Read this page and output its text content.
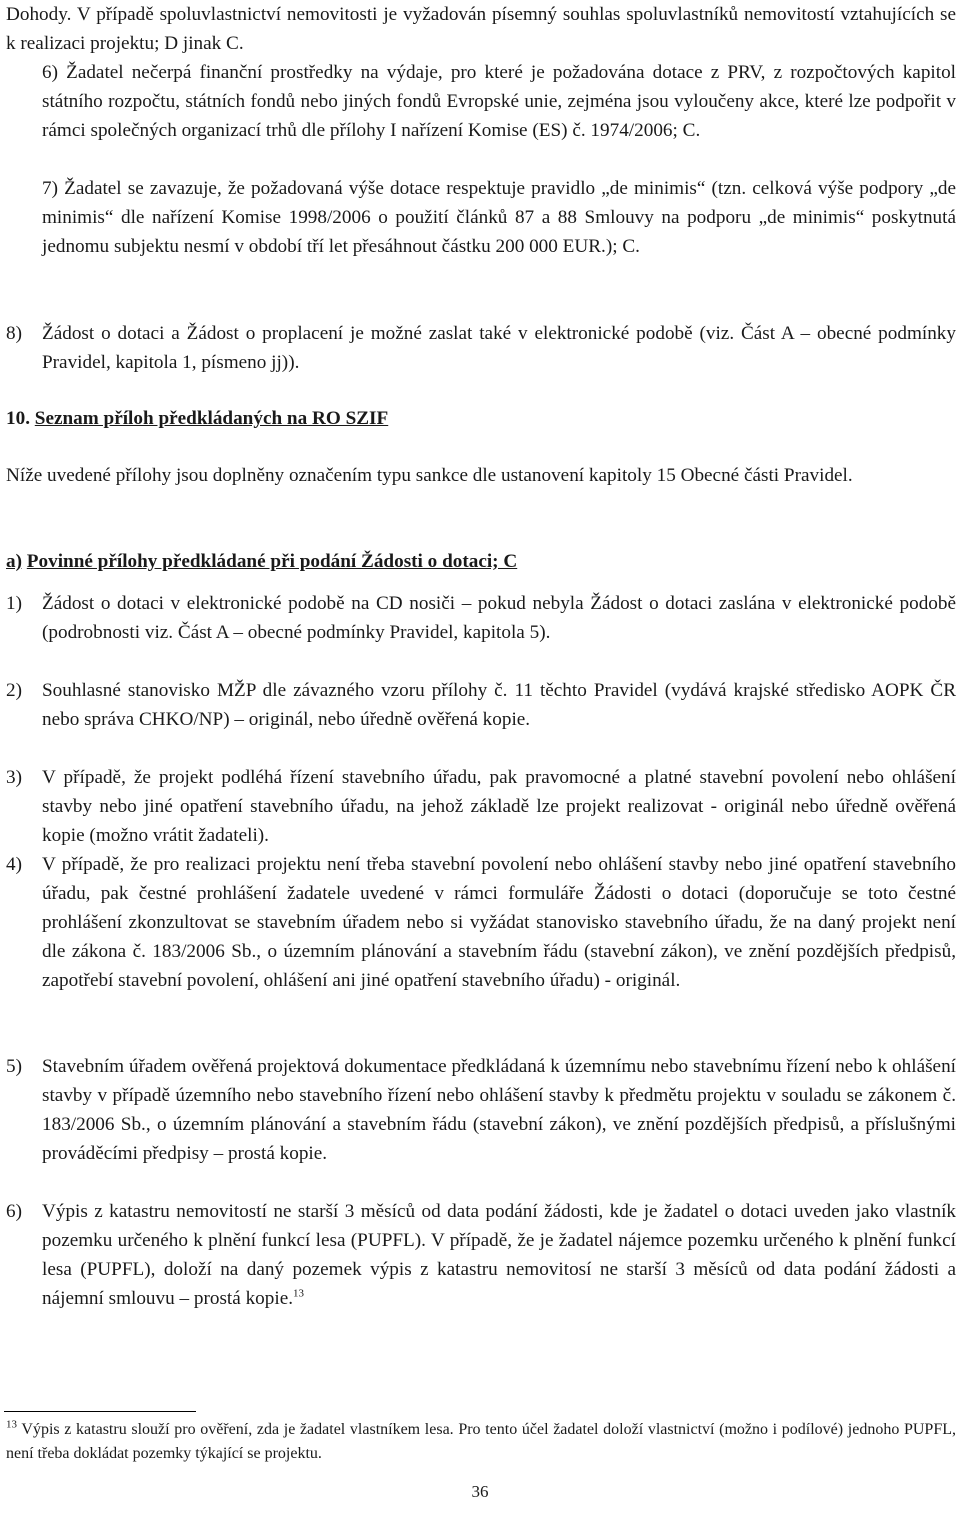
Dohody. V případě spoluvlastnictví nemovitosti je vyžadován písemný souhlas spoluvlastníků nemovitostí vztahujících se k realizaci projektu; D jinak C.
6) Žadatel nečerpá finanční prostředky na výdaje, pro které je požadována dotace z PRV, z rozpočtových kapitol státního rozpočtu, státních fondů nebo jiných fondů Evropské unie, zejména jsou vyloučeny akce, které lze podpořit v rámci společných organizací trhů dle přílohy I nařízení Komise (ES) č. 1974/2006; C.
7) Žadatel se zavazuje, že požadovaná výše dotace respektuje pravidlo „de minimis“ (tzn. celková výše podpory „de minimis“ dle nařízení Komise 1998/2006 o použití článků 87 a 88 Smlouvy na podporu „de minimis“ poskytnutá jednomu subjektu nesmí v období tří let přesáhnout částku 200 000 EUR.); C.
8)	Žádost o dotaci a Žádost o proplacení je možné zaslat také v elektronické podobě (viz. Část A – obecné podmínky Pravidel, kapitola 1, písmeno jj)).
10. Seznam příloh předkládaných na RO SZIF
Níže uvedené přílohy jsou doplněny označením typu sankce dle ustanovení kapitoly 15 Obecné části Pravidel.
a) Povinné přílohy předkládané při podání Žádosti o dotaci; C
1)	Žádost o dotaci v elektronické podobě na CD nosiči – pokud nebyla Žádost o dotaci zaslána v elektronické podobě (podrobnosti viz. Část A – obecné podmínky Pravidel, kapitola 5).
2)	Souhlasné stanovisko MŽP dle závazného vzoru přílohy č. 11 těchto Pravidel (vydává krajské středisko AOPK ČR nebo správa CHKO/NP) – originál, nebo úředně ověřená kopie.
3)	V případě, že projekt podléhá řízení stavebního úřadu, pak pravomocné a platné stavební povolení nebo ohlášení stavby nebo jiné opatření stavebního úřadu, na jehož základě lze projekt realizovat - originál nebo úředně ověřená kopie (možno vrátit žadateli).
4)	V případě, že pro realizaci projektu není třeba stavební povolení nebo ohlášení stavby nebo jiné opatření stavebního úřadu, pak čestné prohlášení žadatele uvedené v rámci formuláře Žádosti o dotaci (doporučuje se toto čestné prohlášení zkonzultovat se stavebním úřadem nebo si vyžádat stanovisko stavebního úřadu, že na daný projekt není dle zákona č. 183/2006 Sb., o územním plánování a stavebním řádu (stavební zákon), ve znění pozdějších předpisů, zapotřebí stavební povolení, ohlášení ani jiné opatření stavebního úřadu) - originál.
5)	Stavebním úřadem ověřená projektová dokumentace předkládaná k územnímu nebo stavebnímu řízení nebo k ohlášení stavby v případě územního nebo stavebního řízení nebo ohlášení stavby k předmětu projektu v souladu se zákonem č. 183/2006 Sb., o územním plánování a stavebním řádu (stavební zákon), ve znění pozdějších předpisů, a příslušnými prováděcími předpisy – prostá kopie.
6)	Výpis z katastru nemovitostí ne starší 3 měsíců od data podání žádosti, kde je žadatel o dotaci uveden jako vlastník pozemku určeného k plnění funkcí lesa (PUPFL). V případě, že je žadatel nájemce pozemku určeného k plnění funkcí lesa (PUPFL), doloží na daný pozemek výpis z katastru nemovitosí ne starší 3 měsíců od data podání žádosti a nájemní smlouvu – prostá kopie.$^{13}$
$^{13}$ Výpis z katastru slouží pro ověření, zda je žadatel vlastníkem lesa. Pro tento účel žadatel doloží vlastnictví (možno i podílové) jednoho PUPFL, není třeba dokládat pozemky týkající se projektu.
36
